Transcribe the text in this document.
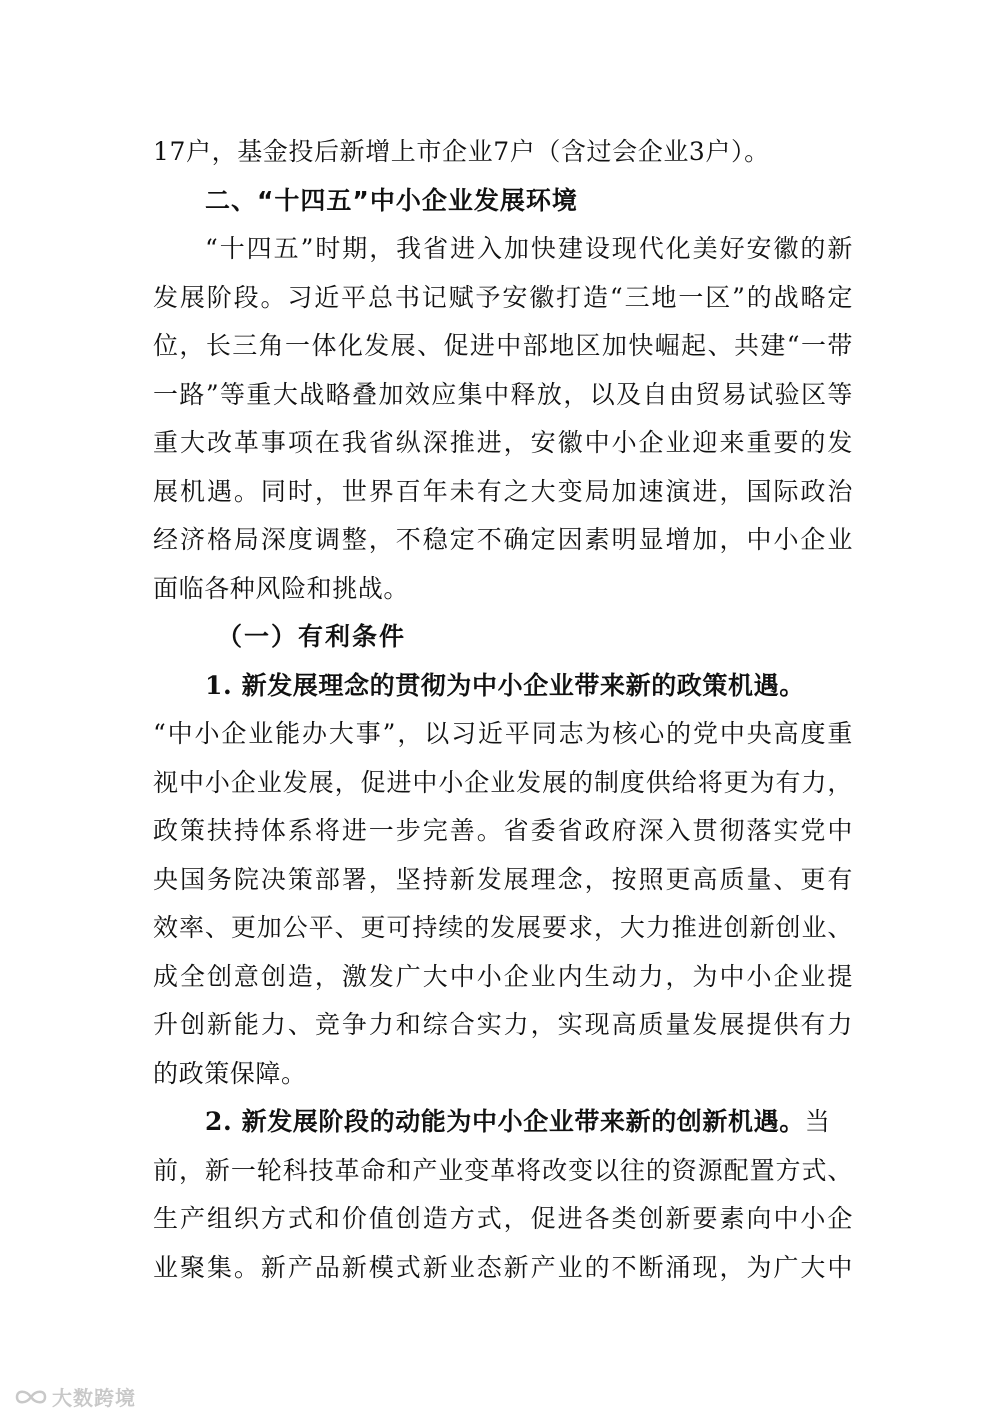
17户，基金投后新增上市企业7户（含过会企业3户）。
二、“十四五”中小企业发展环境
“十四五”时期，我省进入加快建设现代化美好安徽的新
发展阶段。习近平总书记赋予安徽打造“三地一区”的战略定
位，长三角一体化发展、促进中部地区加快崛起、共建“一带
一路”等重大战略叠加效应集中释放，以及自由贸易试验区等
重大改革事项在我省纵深推进，安徽中小企业迎来重要的发
展机遇。同时，世界百年未有之大变局加速演进，国际政治
经济格局深度调整，不稳定不确定因素明显增加，中小企业
面临各种风险和挑战。
（一）有利条件
1. 新发展理念的贯彻为中小企业带来新的政策机遇。
“中小企业能办大事”，以习近平同志为核心的党中央高度重
视中小企业发展，促进中小企业发展的制度供给将更为有力，
政策扶持体系将进一步完善。省委省政府深入贯彻落实党中
央国务院决策部署，坚持新发展理念，按照更高质量、更有
效率、更加公平、更可持续的发展要求，大力推进创新创业、
成全创意创造，激发广大中小企业内生动力，为中小企业提
升创新能力、竞争力和综合实力，实现高质量发展提供有力
的政策保障。
2. 新发展阶段的动能为中小企业带来新的创新机遇。当
前，新一轮科技革命和产业变革将改变以往的资源配置方式、
生产组织方式和价值创造方式，促进各类创新要素向中小企
业聚集。新产品新模式新业态新产业的不断涌现，为广大中
大数跨境
